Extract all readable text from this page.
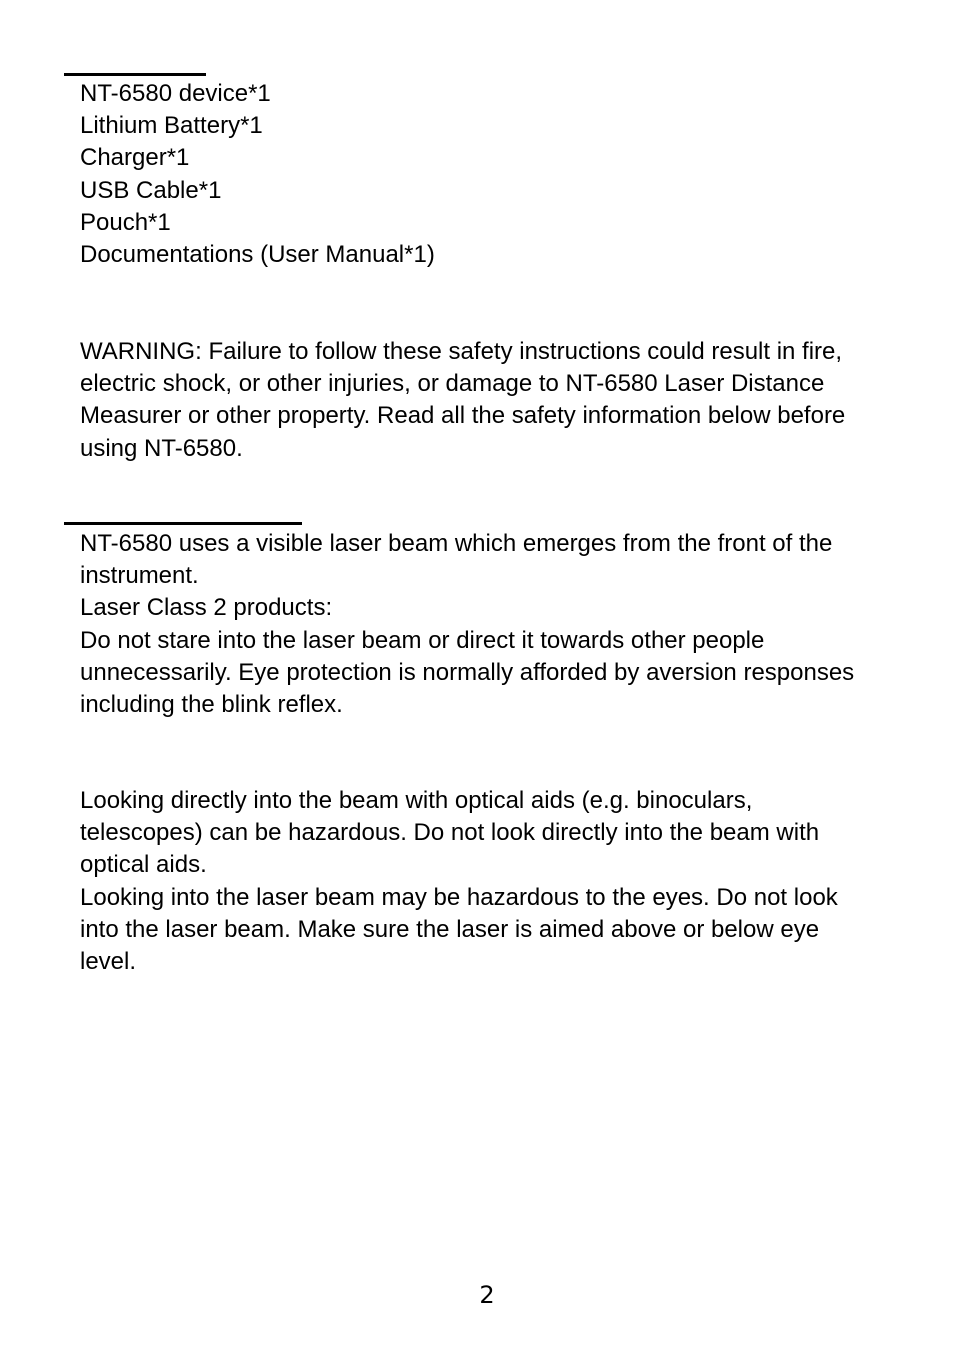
NT-6580 device*1

Lithium Battery*1

Charger*1

USB Cable*1

Pouch*1

Documentations (User Manual*1)

WARNING: Failure to follow these safety instructions could result in fire,

electric shock, or other injuries, or damage to NT-6580 Laser Distance

Measurer or other property. Read all the safety information below before

using NT-6580.

NT-6580 uses a visible laser beam which emerges from the front of the

instrument.

Laser Class 2 products:

Do not stare into the laser beam or direct it towards other people

unnecessarily. Eye protection is normally afforded by aversion responses

including the blink reflex.

Looking directly into the beam with optical aids (e.g. binoculars,

telescopes) can be hazardous. Do not look directly into the beam with

optical aids.

Looking into the laser beam may be hazardous to the eyes. Do not look

into the laser beam. Make sure the laser is aimed above or below eye

level.

2
